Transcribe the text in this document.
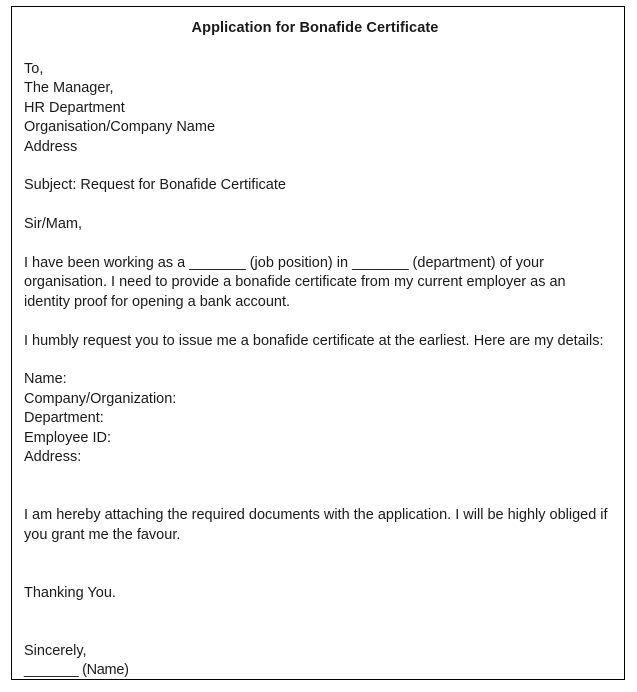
Application for Bonafide Certificate
To,
The Manager,
HR Department
Organisation/Company Name
Address

Subject: Request for Bonafide Certificate

Sir/Mam,

I have been working as a _______ (job position) in _______ (department) of your organisation. I need to provide a bonafide certificate from my current employer as an identity proof for opening a bank account.

I humbly request you to issue me a bonafide certificate at the earliest. Here are my details:

Name:
Company/Organization:
Department:
Employee ID:
Address:

I am hereby attaching the required documents with the application. I will be highly obliged if you grant me the favour.

Thanking You.

Sincerely,

_______ (Name)
